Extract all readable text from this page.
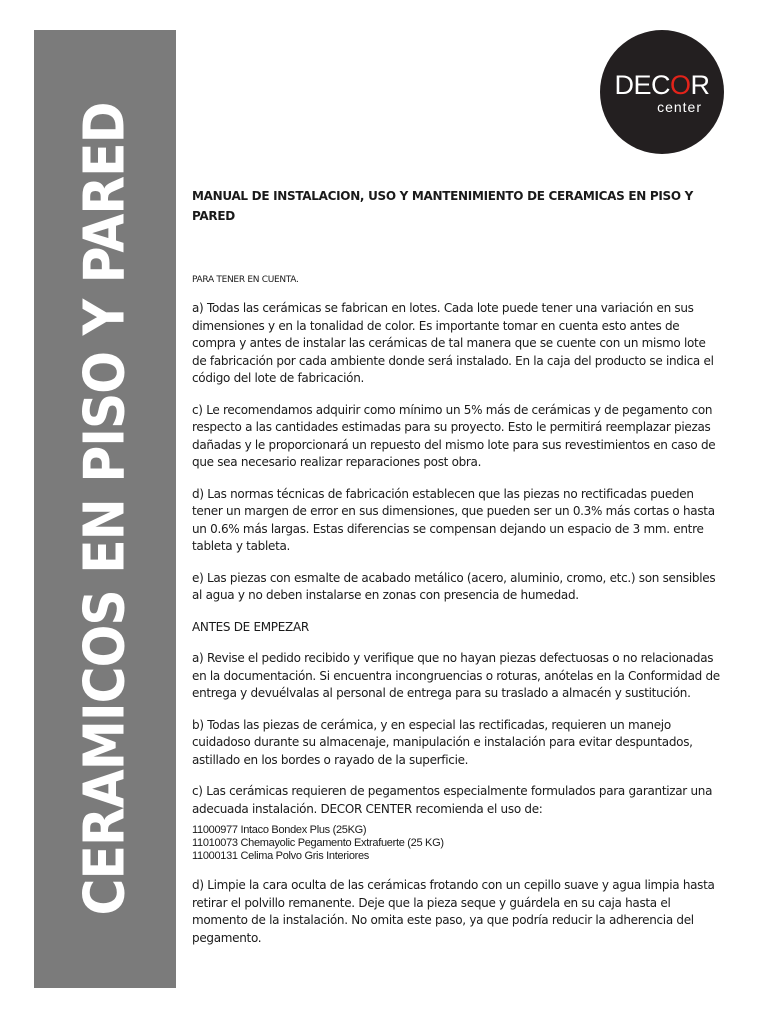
CERAMICOS EN PISO Y PARED
DECOR
center
MANUAL DE INSTALACION, USO Y MANTENIMIENTO DE CERAMICAS EN PISO Y PARED
PARA TENER EN CUENTA.

a) Todas las cerámicas se fabrican en lotes. Cada lote puede tener una variación en sus dimensiones y en la tonalidad de color. Es importante tomar en cuenta esto antes de compra y antes de instalar las cerámicas de tal manera que se cuente con un mismo lote de fabricación por cada ambiente donde será instalado. En la caja del producto se indica el código del lote de fabricación.

c) Le recomendamos adquirir como mínimo un 5% más de cerámicas y de pegamento con respecto a las cantidades estimadas para su proyecto. Esto le permitirá reemplazar piezas dañadas y le proporcionará un repuesto del mismo lote para sus revestimientos en caso de que sea necesario realizar reparaciones post obra.

d) Las normas técnicas de fabricación establecen que las piezas no rectificadas pueden tener un margen de error en sus dimensiones, que pueden ser un 0.3% más cortas o hasta un 0.6% más largas. Estas diferencias se compensan dejando un espacio de 3 mm. entre tableta y tableta.

e) Las piezas con esmalte de acabado metálico (acero, aluminio, cromo, etc.) son sensibles al agua y no deben instalarse en zonas con presencia de humedad.

ANTES DE EMPEZAR

a) Revise el pedido recibido y verifique que no hayan piezas defectuosas o no relacionadas en la documentación. Si encuentra incongruencias o roturas, anótelas en la Conformidad de entrega y devuélvalas al personal de entrega para su traslado a almacén y sustitución.

b) Todas las piezas de cerámica, y en especial las rectificadas, requieren un manejo cuidadoso durante su almacenaje, manipulación e instalación para evitar despuntados, astillado en los bordes o rayado de la superficie.

c) Las cerámicas requieren de pegamentos especialmente formulados para garantizar una adecuada instalación. DECOR CENTER recomienda el uso de:

11000977 Intaco Bondex Plus (25KG)
11010073 Chemayolic Pegamento Extrafuerte (25 KG)
11000131 Celima Polvo Gris Interiores

d) Limpie la cara oculta de las cerámicas frotando con un cepillo suave y agua limpia hasta retirar el polvillo remanente. Deje que la pieza seque y guárdela en su caja hasta el momento de la instalación. No omita este paso, ya que podría reducir la adherencia del pegamento.
